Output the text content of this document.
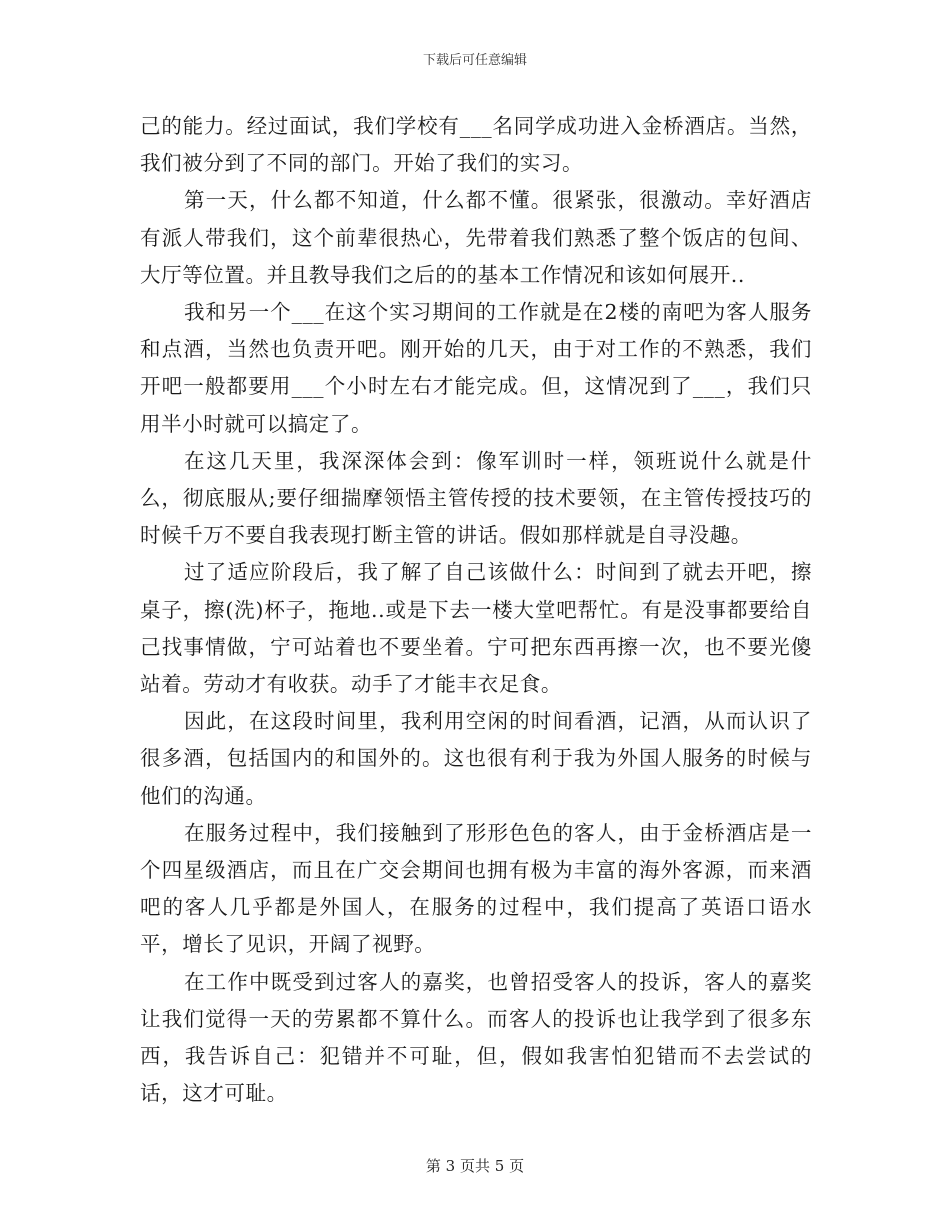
下载后可任意编辑

己的能力。经过面试，我们学校有___名同学成功进入金桥酒店。当然，我们被分到了不同的部门。开始了我们的实习。

第一天，什么都不知道，什么都不懂。很紧张，很激动。幸好酒店有派人带我们，这个前辈很热心，先带着我们熟悉了整个饭店的包间、大厅等位置。并且教导我们之后的的基本工作情况和该如何展开..

我和另一个___在这个实习期间的工作就是在2楼的南吧为客人服务和点酒，当然也负责开吧。刚开始的几天，由于对工作的不熟悉，我们开吧一般都要用___个小时左右才能完成。但，这情况到了___，我们只用半小时就可以搞定了。

在这几天里，我深深体会到：像军训时一样，领班说什么就是什么，彻底服从;要仔细揣摩领悟主管传授的技术要领，在主管传授技巧的时候千万不要自我表现打断主管的讲话。假如那样就是自寻没趣。

过了适应阶段后，我了解了自己该做什么：时间到了就去开吧，擦桌子，擦(洗)杯子，拖地..或是下去一楼大堂吧帮忙。有是没事都要给自己找事情做，宁可站着也不要坐着。宁可把东西再擦一次，也不要光傻站着。劳动才有收获。动手了才能丰衣足食。

因此，在这段时间里，我利用空闲的时间看酒，记酒，从而认识了很多酒，包括国内的和国外的。这也很有利于我为外国人服务的时候与他们的沟通。

在服务过程中，我们接触到了形形色色的客人，由于金桥酒店是一个四星级酒店，而且在广交会期间也拥有极为丰富的海外客源，而来酒吧的客人几乎都是外国人，在服务的过程中，我们提高了英语口语水平，增长了见识，开阔了视野。

在工作中既受到过客人的嘉奖，也曾招受客人的投诉，客人的嘉奖让我们觉得一天的劳累都不算什么。而客人的投诉也让我学到了很多东西，我告诉自己：犯错并不可耻，但，假如我害怕犯错而不去尝试的话，这才可耻。

第 3 页共 5 页
